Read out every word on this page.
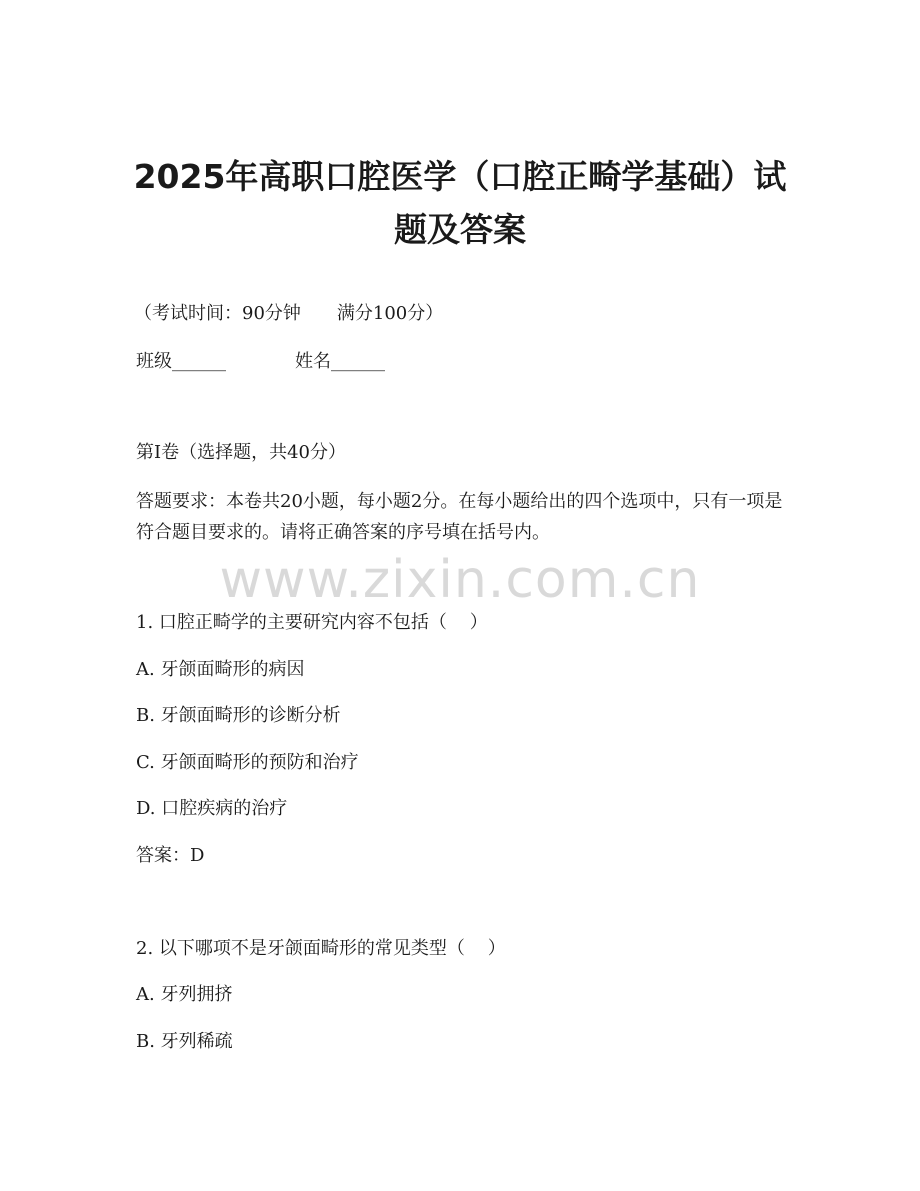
2025年高职口腔医学（口腔正畸学基础）试
题及答案
（考试时间：90分钟　　满分100分）
班级______	姓名______
第I卷（选择题，共40分）
答题要求：本卷共20小题，每小题2分。在每小题给出的四个选项中，只有一项是符合题目要求的。请将正确答案的序号填在括号内。
www.zixin.com.cn
1. 口腔正畸学的主要研究内容不包括（    ）
A. 牙颌面畸形的病因
B. 牙颌面畸形的诊断分析
C. 牙颌面畸形的预防和治疗
D. 口腔疾病的治疗
答案：D
2. 以下哪项不是牙颌面畸形的常见类型（    ）
A. 牙列拥挤
B. 牙列稀疏
